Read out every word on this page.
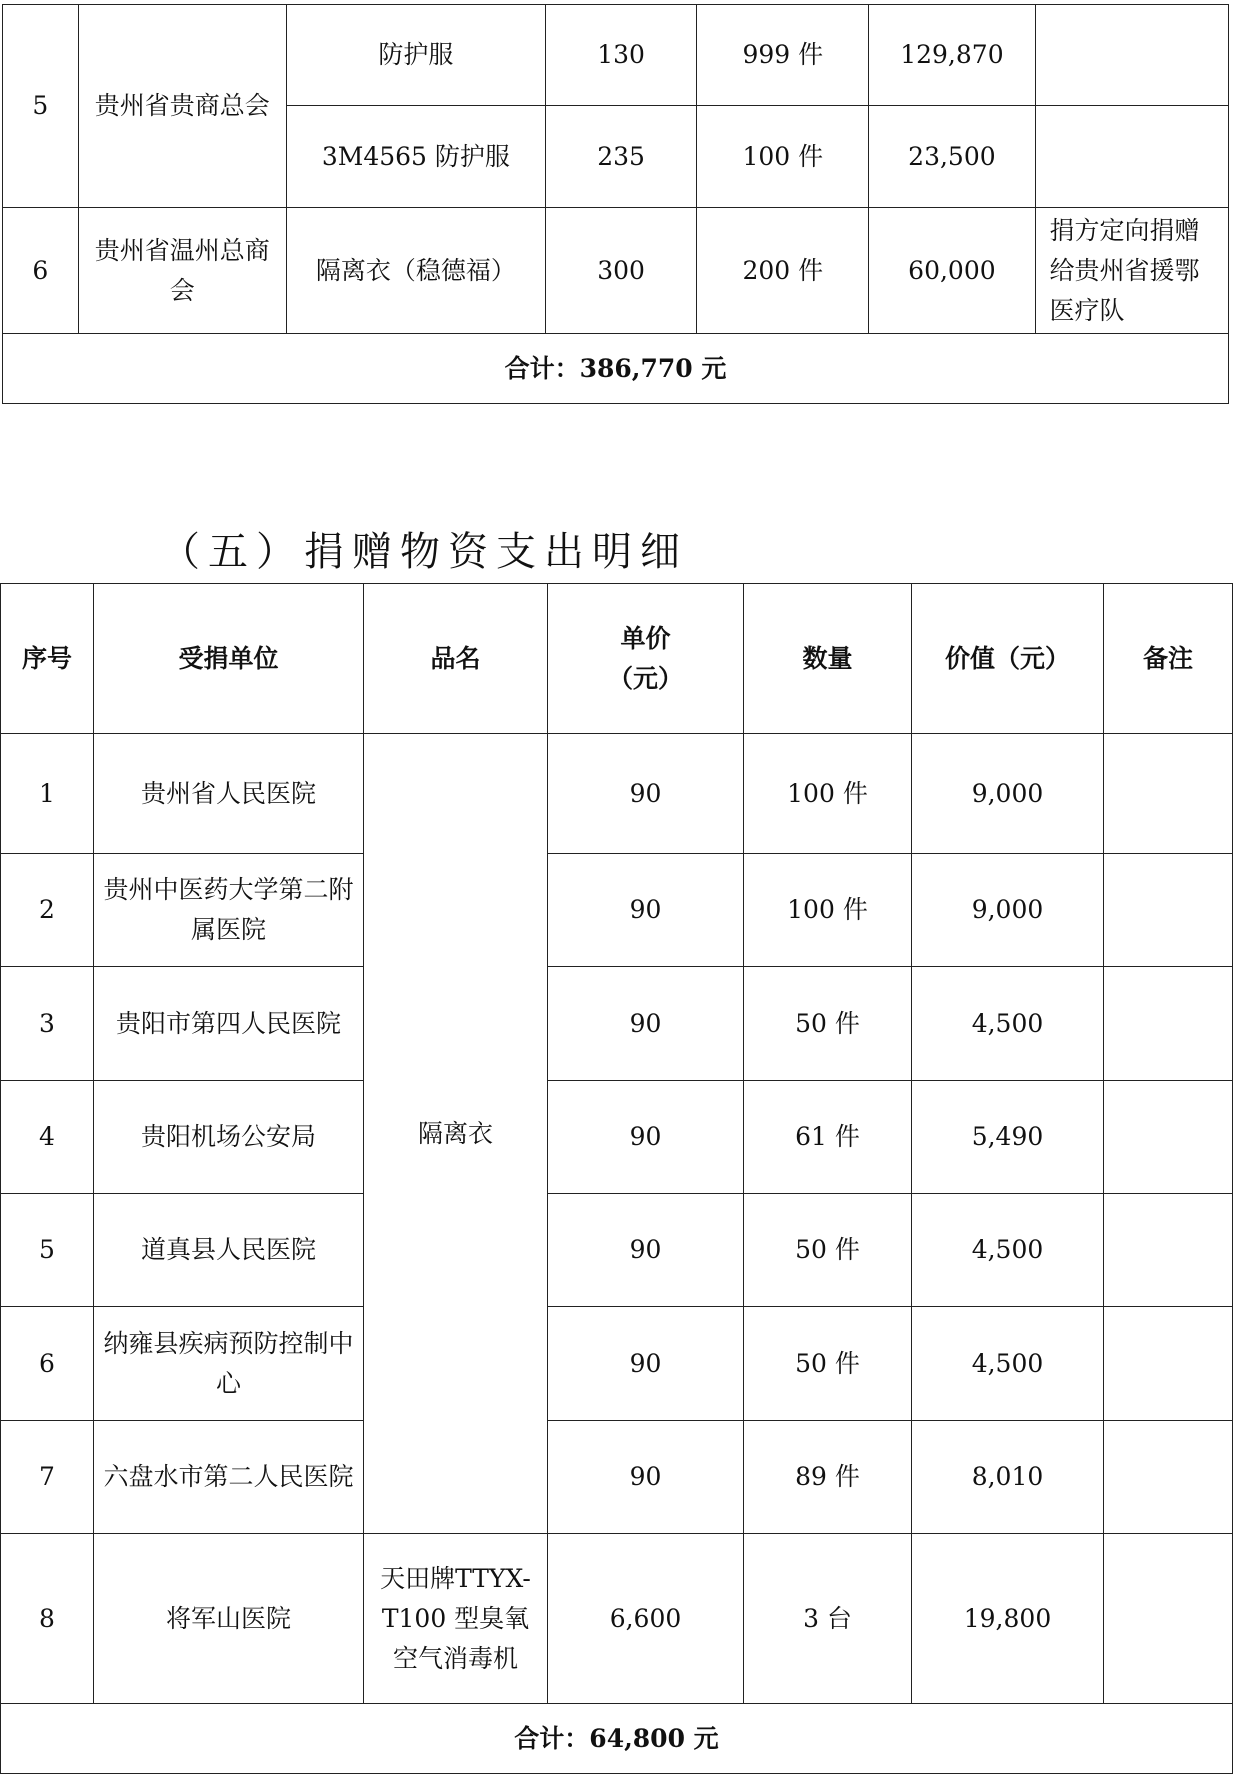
5	贵州省贵商总会	防护服	130	999 件	129,870	
		3M4565 防护服	235	100 件	23,500	
6	贵州省温州总商会	隔离衣（稳德福）	300	200 件	60,000	捐方定向捐赠给贵州省援鄂医疗队
合计：386,770 元						
（五）捐赠物资支出明细
序号	受捐单位	品名	单价（元）	数量	价值（元）	备注
1	贵州省人民医院	隔离衣	90	100 件	9,000	
2	贵州中医药大学第二附属医院		90	100 件	9,000	
3	贵阳市第四人民医院		90	50 件	4,500	
4	贵阳机场公安局		90	61 件	5,490	
5	道真县人民医院		90	50 件	4,500	
6	纳雍县疾病预防控制中心		90	50 件	4,500	
7	六盘水市第二人民医院		90	89 件	8,010	
8	将军山医院	天田牌TTYX-T100 型臭氧空气消毒机	6,600	3 台	19,800	
合计：64,800 元						
